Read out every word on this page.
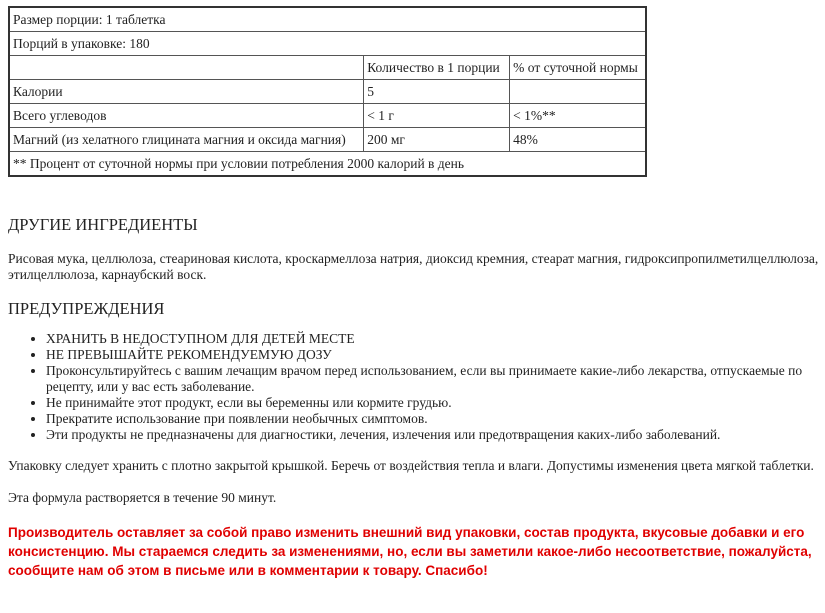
Размер порции: 1 таблетка		
Порций в упаковке: 180		
	Количество в 1 порции	% от суточной нормы
Калории	5	
Всего углеводов	< 1 г	< 1%**
Магний (из хелатного глицината магния и оксида магния)	200 мг	48%
** Процент от суточной нормы при условии потребления 2000 калорий в день		
ДРУГИЕ ИНГРЕДИЕНТЫ

Рисовая мука, целлюлоза, стеариновая кислота, кроскармеллоза натрия, диоксид кремния, стеарат магния, гидроксипропилметилцеллюлоза, этилцеллюлоза, карнаубский воск.

ПРЕДУПРЕЖДЕНИЯ
• ХРАНИТЬ В НЕДОСТУПНОМ ДЛЯ ДЕТЕЙ МЕСТЕ
• НЕ ПРЕВЫШАЙТЕ РЕКОМЕНДУЕМУЮ ДОЗУ
• Проконсультируйтесь с вашим лечащим врачом перед использованием, если вы принимаете какие-либо лекарства, отпускаемые по рецепту, или у вас есть заболевание.
• Не принимайте этот продукт, если вы беременны или кормите грудью.
• Прекратите использование при появлении необычных симптомов.
• Эти продукты не предназначены для диагностики, лечения, излечения или предотвращения каких-либо заболеваний.

Упаковку следует хранить с плотно закрытой крышкой. Беречь от воздействия тепла и влаги. Допустимы изменения цвета мягкой таблетки.

Эта формула растворяется в течение 90 минут.

Производитель оставляет за собой право изменить внешний вид упаковки, состав продукта, вкусовые добавки и его консистенцию. Мы стараемся следить за изменениями, но, если вы заметили какое-либо несоответствие, пожалуйста, сообщите нам об этом в письме или в комментарии к товару. Спасибо!
